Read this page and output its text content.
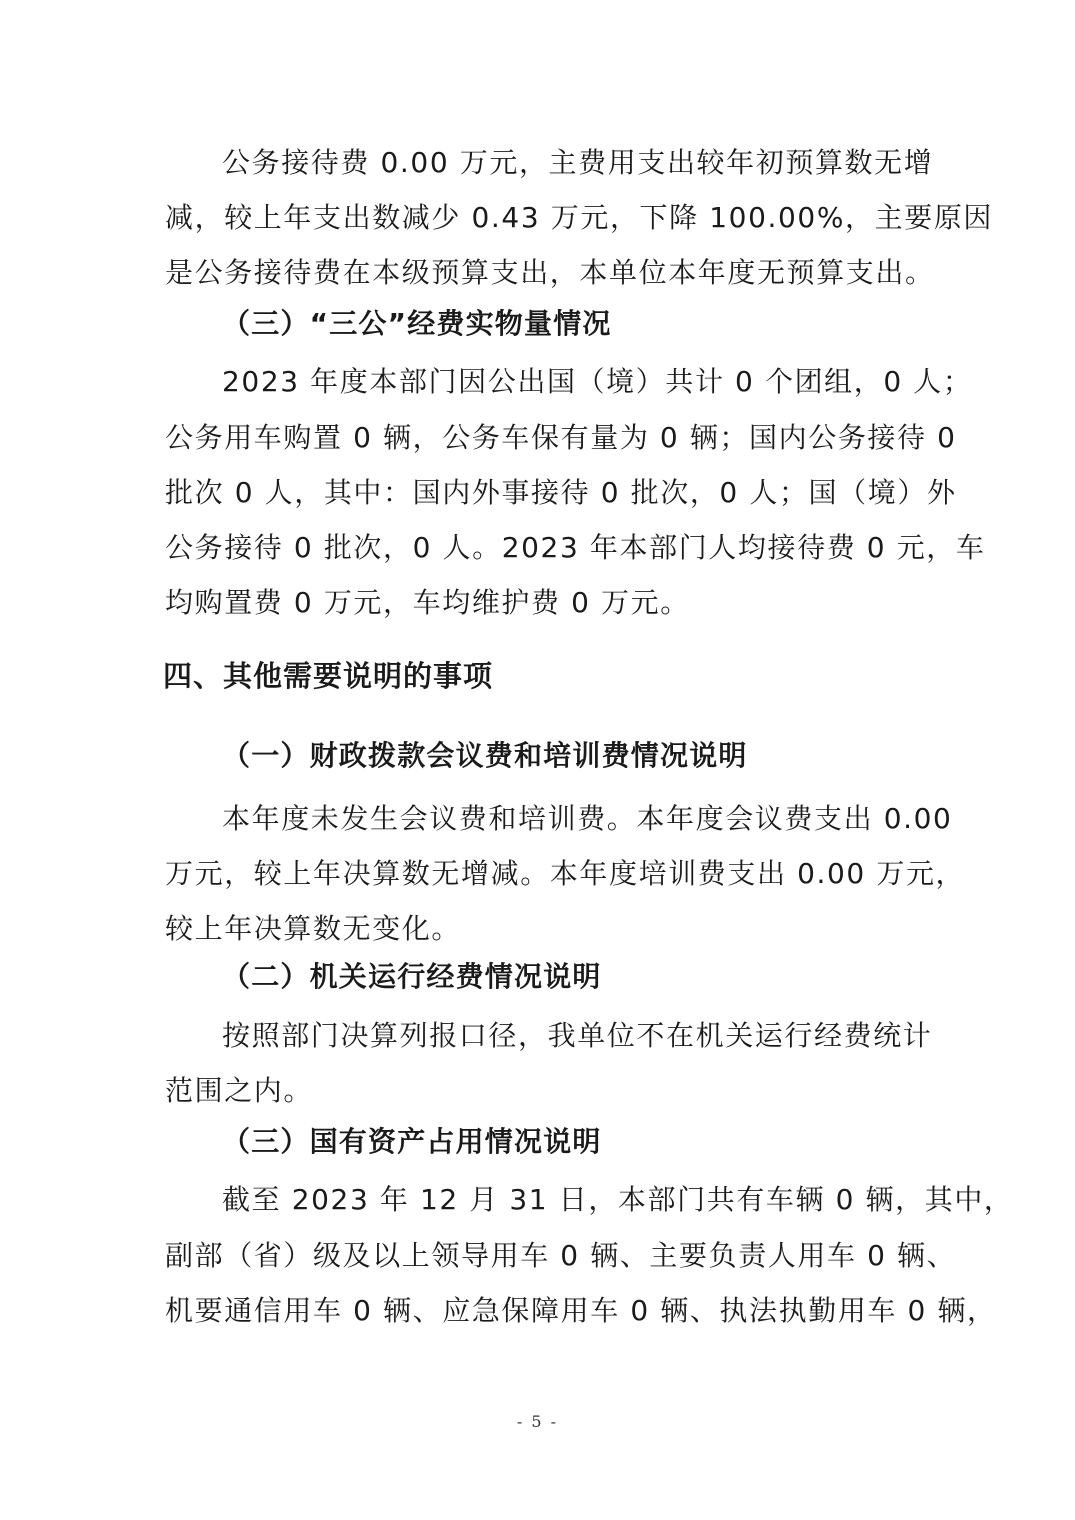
公务接待费 0.00 万元，主费用支出较年初预算数无增
减，较上年支出数减少 0.43 万元，下降 100.00%，主要原因
是公务接待费在本级预算支出，本单位本年度无预算支出。
（三）“三公”经费实物量情况
2023 年度本部门因公出国（境）共计 0 个团组，0 人；
公务用车购置 0 辆，公务车保有量为 0 辆；国内公务接待 0
批次 0 人，其中：国内外事接待 0 批次，0 人；国（境）外
公务接待 0 批次，0 人。2023 年本部门人均接待费 0 元，车
均购置费 0 万元，车均维护费 0 万元。
四、其他需要说明的事项
（一）财政拨款会议费和培训费情况说明
本年度未发生会议费和培训费。本年度会议费支出 0.00
万元，较上年决算数无增减。本年度培训费支出 0.00 万元，
较上年决算数无变化。
（二）机关运行经费情况说明
按照部门决算列报口径，我单位不在机关运行经费统计
范围之内。
（三）国有资产占用情况说明
截至 2023 年 12 月 31 日，本部门共有车辆 0 辆，其中，
副部（省）级及以上领导用车 0 辆、主要负责人用车 0 辆、
机要通信用车 0 辆、应急保障用车 0 辆、执法执勤用车 0 辆，
- 5 -
